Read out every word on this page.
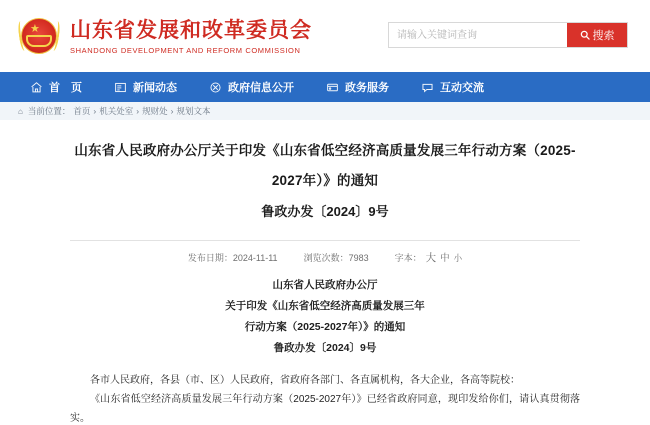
★ 山东省发展和改革委员会
SHANDONG DEVELOPMENT AND REFORM COMMISSION
请输入关键词查询
搜索
首　页	新闻动态	政府信息公开	政务服务	互动交流
⌂ 当前位置： 首页 › 机关处室 › 规财处 › 规划文本
山东省人民政府办公厅关于印发《山东省低空经济高质量发展三年行动方案（2025-
2027年）》的通知
鲁政办发〔2024〕9号
发布日期：2024-11-11	浏览次数：7983	字本： 大 中 小
山东省人民政府办公厅
关于印发《山东省低空经济高质量发展三年
行动方案（2025-2027年）》的通知
鲁政办发〔2024〕9号

各市人民政府，各县（市、区）人民政府，省政府各部门、各直属机构，各大企业，各高等院校：

《山东省低空经济高质量发展三年行动方案（2025-2027年）》已经省政府同意，现印发给你们，请认真贯彻落实。
